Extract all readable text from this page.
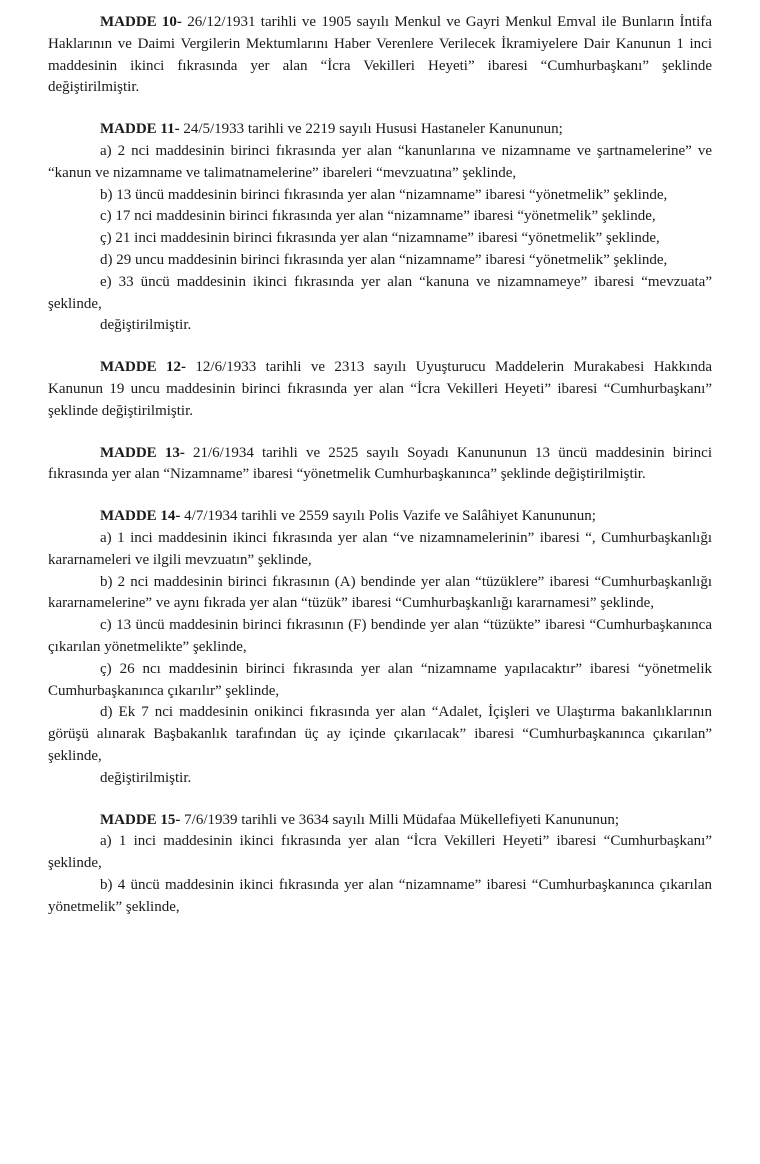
MADDE 10- 26/12/1931 tarihli ve 1905 sayılı Menkul ve Gayri Menkul Emval ile Bunların İntifa Haklarının ve Daimi Vergilerin Mektumlarını Haber Verenlere Verilecek İkramiyelere Dair Kanunun 1 inci maddesinin ikinci fıkrasında yer alan “İcra Vekilleri Heyeti” ibaresi “Cumhurbaşkanı” şeklinde değiştirilmiştir.

MADDE 11- 24/5/1933 tarihli ve 2219 sayılı Hususi Hastaneler Kanununun;

a) 2 nci maddesinin birinci fıkrasında yer alan “kanunlarına ve nizamname ve şartnamelerine” ve “kanun ve nizamname ve talimatnamelerine” ibareleri “mevzuatına” şeklinde,

b) 13 üncü maddesinin birinci fıkrasında yer alan “nizamname” ibaresi “yönetmelik” şeklinde,

c) 17 nci maddesinin birinci fıkrasında yer alan “nizamname” ibaresi “yönetmelik” şeklinde,

ç) 21 inci maddesinin birinci fıkrasında yer alan “nizamname” ibaresi “yönetmelik” şeklinde,

d) 29 uncu maddesinin birinci fıkrasında yer alan “nizamname” ibaresi “yönetmelik” şeklinde,

e) 33 üncü maddesinin ikinci fıkrasında yer alan “kanuna ve nizamnameye” ibaresi “mevzuata” şeklinde,

değiştirilmiştir.

MADDE 12- 12/6/1933 tarihli ve 2313 sayılı Uyuşturucu Maddelerin Murakabesi Hakkında Kanunun 19 uncu maddesinin birinci fıkrasında yer alan “İcra Vekilleri Heyeti” ibaresi “Cumhurbaşkanı” şeklinde değiştirilmiştir.

MADDE 13- 21/6/1934 tarihli ve 2525 sayılı Soyadı Kanununun 13 üncü maddesinin birinci fıkrasında yer alan “Nizamname” ibaresi “yönetmelik Cumhurbaşkanınca” şeklinde değiştirilmiştir.

MADDE 14- 4/7/1934 tarihli ve 2559 sayılı Polis Vazife ve Salâhiyet Kanununun;

a) 1 inci maddesinin ikinci fıkrasında yer alan “ve nizamnamelerinin” ibaresi “, Cumhurbaşkanlığı kararnameleri ve ilgili mevzuatın” şeklinde,

b) 2 nci maddesinin birinci fıkrasının (A) bendinde yer alan “tüzüklere” ibaresi “Cumhurbaşkanlığı kararnamelerine” ve aynı fıkrada yer alan “tüzük” ibaresi “Cumhurbaşkanlığı kararnamesi” şeklinde,

c) 13 üncü maddesinin birinci fıkrasının (F) bendinde yer alan “tüzükte” ibaresi “Cumhurbaşkanınca çıkarılan yönetmelikte” şeklinde,

ç) 26 ncı maddesinin birinci fıkrasında yer alan “nizamname yapılacaktır” ibaresi “yönetmelik Cumhurbaşkanınca çıkarılır” şeklinde,

d) Ek 7 nci maddesinin onikinci fıkrasında yer alan “Adalet, İçişleri ve Ulaştırma bakanlıklarının görüşü alınarak Başbakanlık tarafından üç ay içinde çıkarılacak” ibaresi “Cumhurbaşkanınca çıkarılan” şeklinde,

değiştirilmiştir.

MADDE 15- 7/6/1939 tarihli ve 3634 sayılı Milli Müdafaa Mükellefiyeti Kanununun;

a) 1 inci maddesinin ikinci fıkrasında yer alan “İcra Vekilleri Heyeti” ibaresi “Cumhurbaşkanı” şeklinde,

b) 4 üncü maddesinin ikinci fıkrasında yer alan “nizamname” ibaresi “Cumhurbaşkanınca çıkarılan yönetmelik” şeklinde,
